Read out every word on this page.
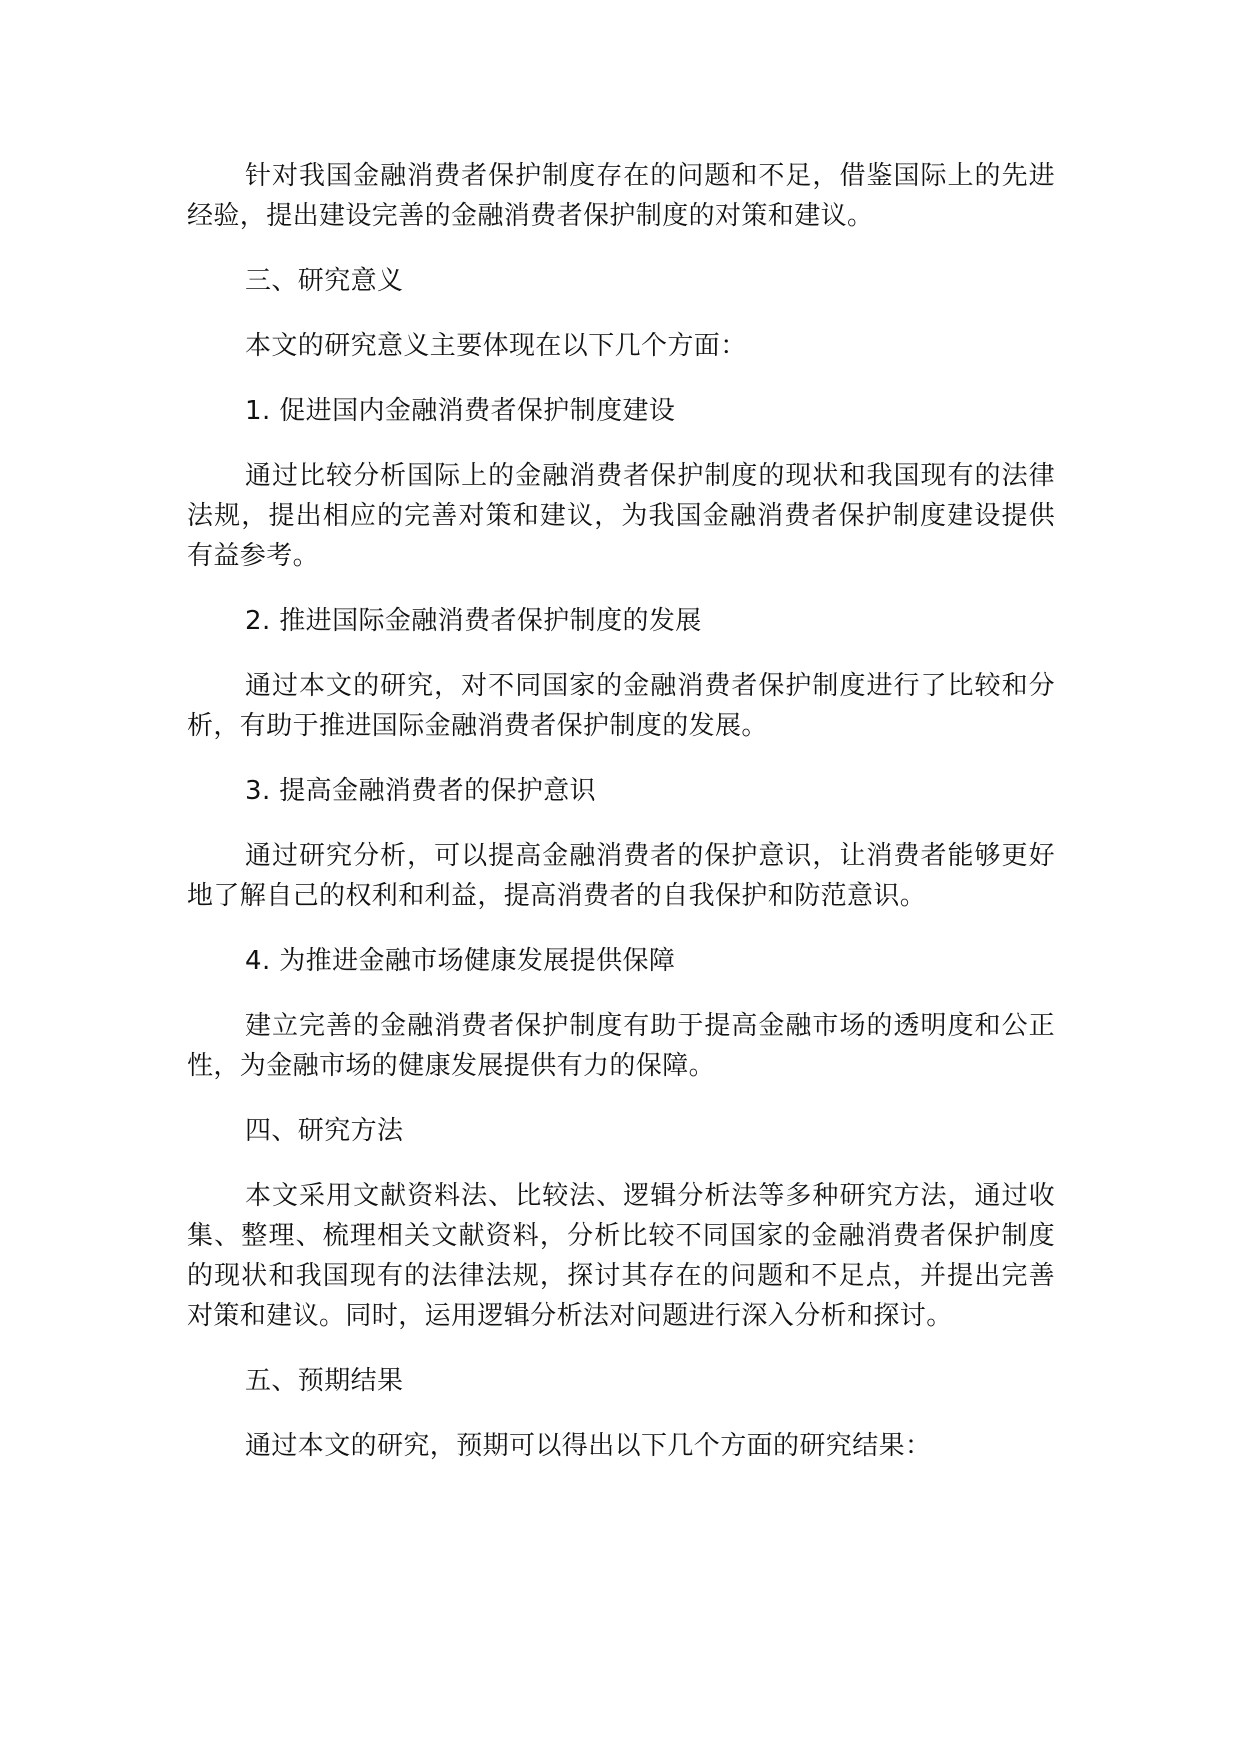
针对我国金融消费者保护制度存在的问题和不足，借鉴国际上的先进经验，提出建设完善的金融消费者保护制度的对策和建议。

三、研究意义

本文的研究意义主要体现在以下几个方面：

1. 促进国内金融消费者保护制度建设

通过比较分析国际上的金融消费者保护制度的现状和我国现有的法律法规，提出相应的完善对策和建议，为我国金融消费者保护制度建设提供有益参考。

2. 推进国际金融消费者保护制度的发展

通过本文的研究，对不同国家的金融消费者保护制度进行了比较和分析，有助于推进国际金融消费者保护制度的发展。

3. 提高金融消费者的保护意识

通过研究分析，可以提高金融消费者的保护意识，让消费者能够更好地了解自己的权利和利益，提高消费者的自我保护和防范意识。

4. 为推进金融市场健康发展提供保障

建立完善的金融消费者保护制度有助于提高金融市场的透明度和公正性，为金融市场的健康发展提供有力的保障。

四、研究方法

本文采用文献资料法、比较法、逻辑分析法等多种研究方法，通过收集、整理、梳理相关文献资料，分析比较不同国家的金融消费者保护制度的现状和我国现有的法律法规，探讨其存在的问题和不足点，并提出完善对策和建议。同时，运用逻辑分析法对问题进行深入分析和探讨。

五、预期结果

通过本文的研究，预期可以得出以下几个方面的研究结果：
